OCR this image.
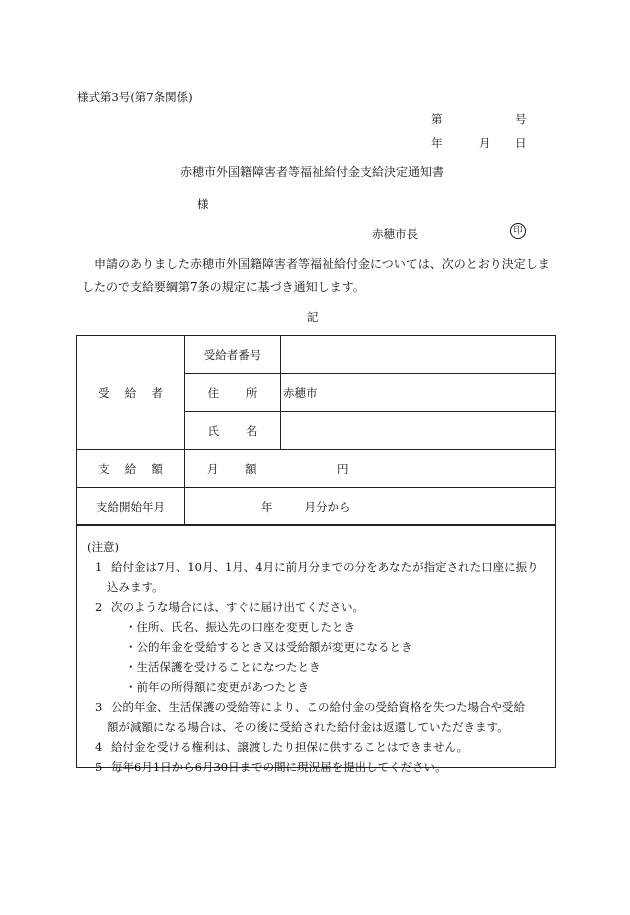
様式第3号(第7条関係)
第	号
年	月 日
赤穂市外国籍障害者等福祉給付金支給決定通知書
様
赤穂市長	印

申請のありました赤穂市外国籍障害者等福祉給付金については、次のとおり決定しましたので支給要綱第7条の規定に基づき通知します。

記
受　 給　 者	受給者番号	
	住　　 所	赤穂市
	氏　　 名	
支　 給　 額	月　　 額 円	
支給開始年月	年 月分から	
(注意)
1 給付金は7月、10月、1月、4月に前月分までの分をあなたが指定された口座に振り
込みます。
2 次のような場合には、すぐに届け出てください。
・住所、氏名、振込先の口座を変更したとき
・公的年金を受給するとき又は受給額が変更になるとき
・生活保護を受けることになつたとき
・前年の所得額に変更があつたとき
3 公的年金、生活保護の受給等により、この給付金の受給資格を失つた場合や受給
額が減額になる場合は、その後に受給された給付金は返還していただきます。
4 給付金を受ける権利は、譲渡したり担保に供することはできません。
5 毎年6月1日から6月30日までの間に現況届を提出してください。
